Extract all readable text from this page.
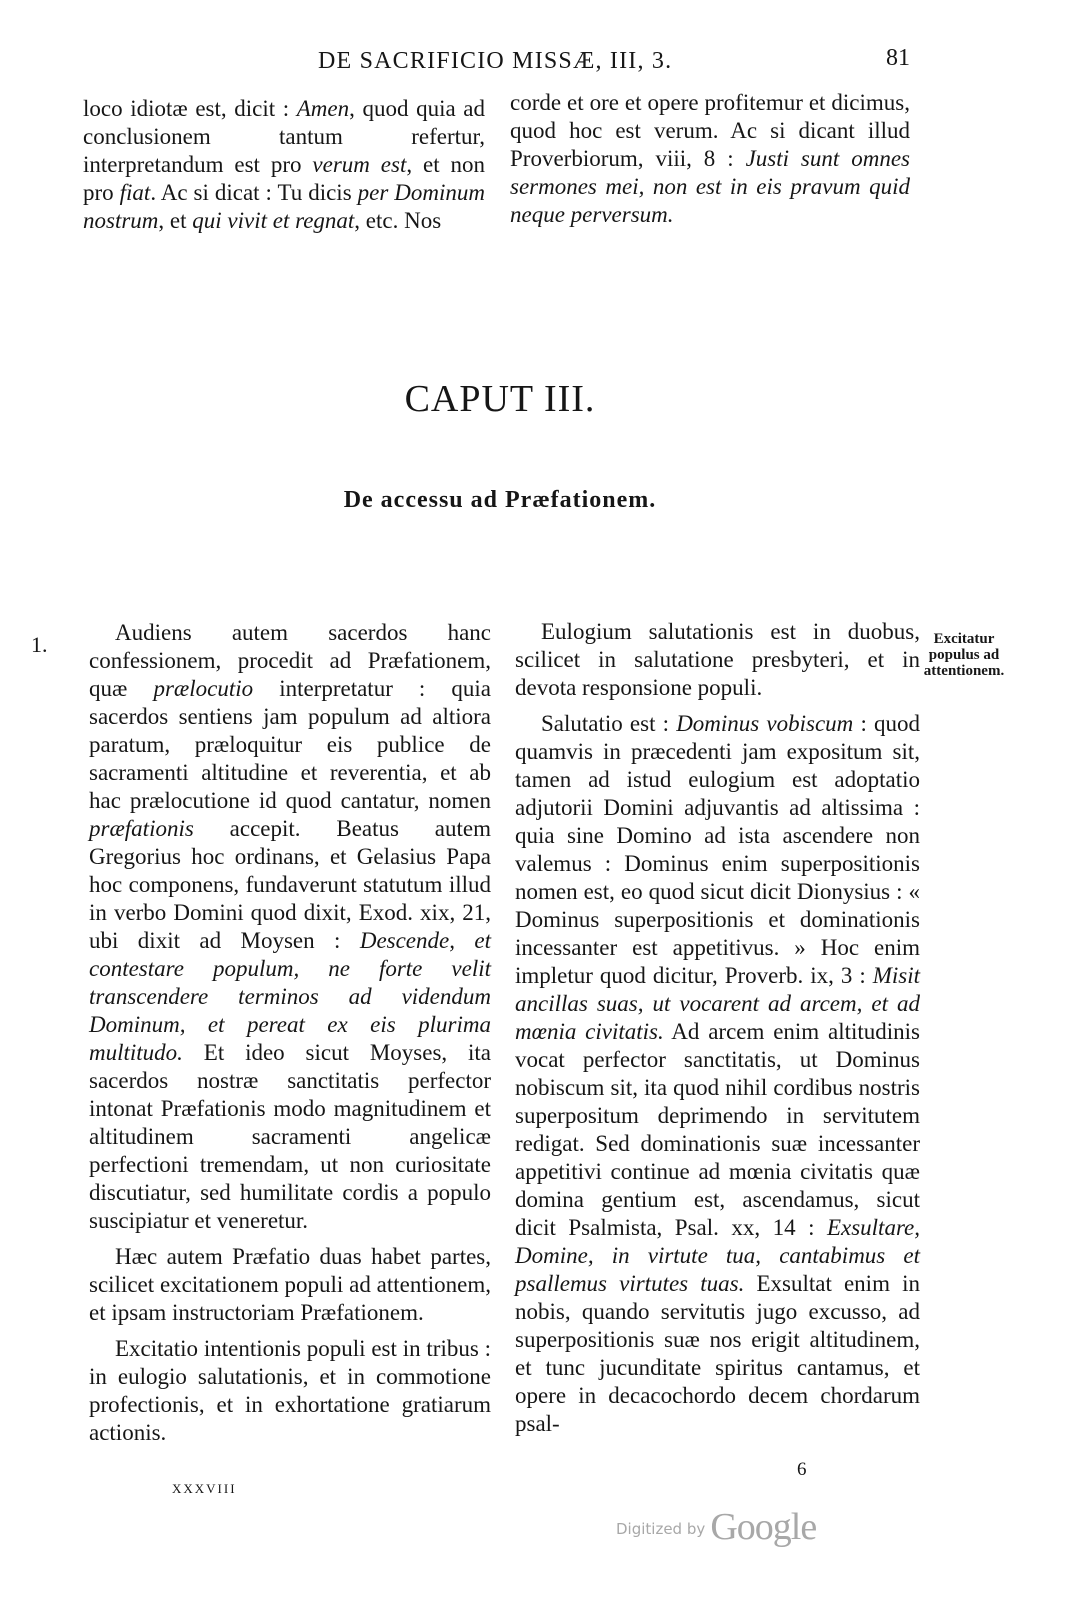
DE SACRIFICIO MISSÆ, III, 3.	81

loco idiotæ est, dicit : Amen, quod quia ad conclusionem tantum refertur, interpretandum est pro verum est, et non pro fiat. Ac si dicat : Tu dicis per Dominum nostrum, et qui vivit et regnat, etc. Nos

corde et ore et opere profitemur et dicimus, quod hoc est verum. Ac si dicant illud Proverbiorum, viii, 8 : Justi sunt omnes sermones mei, non est in eis pravum quid neque perversum.

CAPUT III.
De accessu ad Præfationem.
1.	Audiens autem sacerdos hanc confessionem, procedit ad Præfationem, quæ prælocutio interpretatur : quia sacerdos sentiens jam populum ad altiora paratum, præloquitur eis publice de sacramenti altitudine et reverentia, et ab hac prælocutione id quod cantatur, nomen præfationis accepit. Beatus autem Gregorius hoc ordinans, et Gelasius Papa hoc componens, fundaverunt statutum illud in verbo Domini quod dixit, Exod. xix, 21, ubi dixit ad Moysen : Descende, et contestare populum, ne forte velit transcendere terminos ad videndum Dominum, et pereat ex eis plurima multitudo. Et ideo sicut Moyses, ita sacerdos nostræ sanctitatis perfector intonat Præfationis modo magnitudinem et altitudinem sacramenti angelicæ perfectioni tremendam, ut non curiositate discutiatur, sed humilitate cordis a populo suscipiatur et veneretur.

Hæc autem Præfatio duas habet partes, scilicet excitationem populi ad attentionem, et ipsam instructoriam Præfationem.

Excitatio intentionis populi est in tribus : in eulogio salutationis, et in commotione profectionis, et in exhortatione gratiarum actionis.

Eulogium salutationis est in duobus, scilicet in salutatione presbyteri, et in devota responsione populi.

Salutatio est : Dominus vobiscum : quod quamvis in præcedenti jam expositum sit, tamen ad istud eulogium est adoptatio adjutorii Domini adjuvantis ad altissima : quia sine Domino ad ista ascendere non valemus : Dominus enim superpositionis nomen est, eo quod sicut dicit Dionysius : « Dominus superpositionis et dominationis incessanter est appetitivus. » Hoc enim impletur quod dicitur, Proverb. ix, 3 : Misit ancillas suas, ut vocarent ad arcem, et ad mœnia civitatis. Ad arcem enim altitudinis vocat perfector sanctitatis, ut Dominus nobiscum sit, ita quod nihil cordibus nostris superpositum deprimendo in servitutem redigat. Sed dominationis suæ incessanter appetitivi continue ad mœnia civitatis quæ domina gentium est, ascendamus, sicut dicit Psalmista, Psal. xx, 14 : Exsultare, Domine, in virtute tua, cantabimus et psallemus virtutes tuas. Exsultat enim in nobis, quando servitutis jugo excusso, ad superpositionis suæ nos erigit altitudinem, et tunc jucunditate spiritus cantamus, et opere in decacochordo decem chordarum psal-

Excitatur populus ad attentionem.
XXXVIII
6
Digitized by Google
